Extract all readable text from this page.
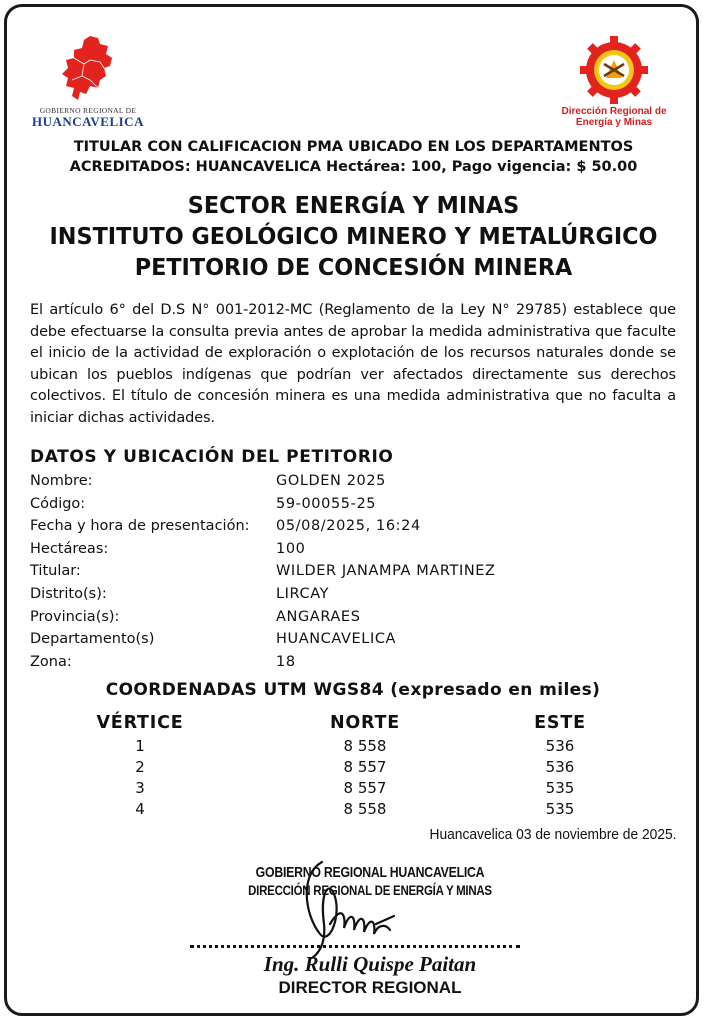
GOBIERNO REGIONAL DE
HUANCAVELICA
Dirección Regional de
Energía y Minas
TITULAR CON CALIFICACION PMA UBICADO EN LOS DEPARTAMENTOS
ACREDITADOS: HUANCAVELICA Hectárea: 100, Pago vigencia: $ 50.00
SECTOR ENERGÍA Y MINAS
INSTITUTO GEOLÓGICO MINERO Y METALÚRGICO
PETITORIO DE CONCESIÓN MINERA
El artículo 6° del D.S N° 001-2012-MC (Reglamento de la Ley N° 29785) establece que debe efectuarse la consulta previa antes de aprobar la medida administrativa que faculte el inicio de la actividad de exploración o explotación de los recursos naturales donde se ubican los pueblos indígenas que podrían ver afectados directamente sus derechos colectivos. El título de concesión minera es una medida administrativa que no faculta a iniciar dichas actividades.
DATOS Y UBICACIÓN DEL PETITORIO
Nombre:	GOLDEN 2025
Código:	59-00055-25
Fecha y hora de presentación: 05/08/2025, 16:24
Hectáreas:	100
Titular:	WILDER JANAMPA MARTINEZ
Distrito(s):	LIRCAY
Provincia(s):	ANGARAES
Departamento(s)	HUANCAVELICA
Zona:	18
COORDENADAS UTM WGS84 (expresado en miles)
VÉRTICE	NORTE	ESTE
1	8 558	536
2	8 557	536
3	8 557	535
4	8 558	535
Huancavelica 03 de noviembre de 2025.
GOBIERNO REGIONAL HUANCAVELICA
DIRECCIÓN REGIONAL DE ENERGÍA Y MINAS
Ing. Rulli Quispe Paitan
DIRECTOR REGIONAL
